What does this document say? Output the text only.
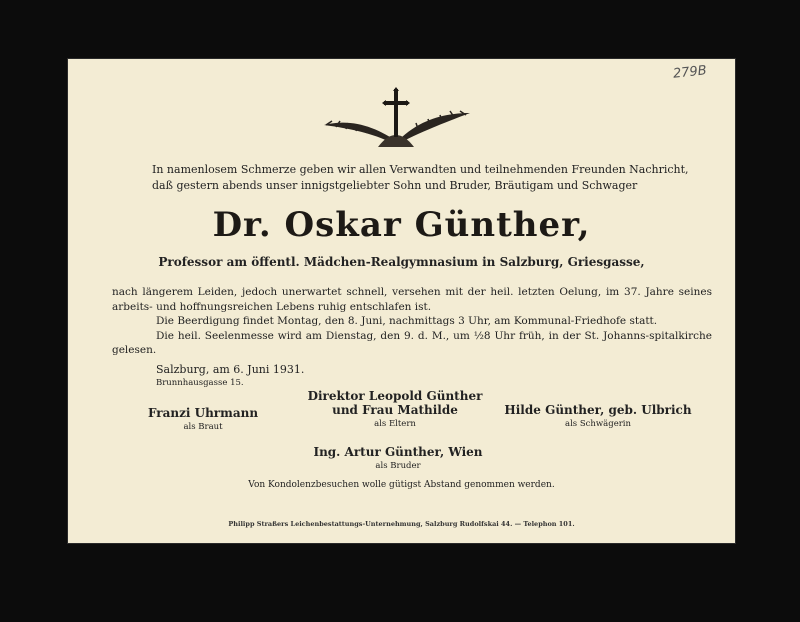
279B
In namenlosem Schmerze geben wir allen Verwandten und teilnehmenden Freunden Nachricht, daß gestern abends unser innigstgeliebter Sohn und Bruder, Bräutigam und Schwager
Dr. Oskar Günther,
Professor am öffentl. Mädchen-Realgymnasium in Salzburg, Griesgasse,

nach längerem Leiden, jedoch unerwartet schnell, versehen mit der heil. letzten Oelung, im 37. Jahre seines arbeits- und hoffnungsreichen Lebens ruhig entschlafen ist.

Die Beerdigung findet Montag, den 8. Juni, nachmittags 3 Uhr, am Kommunal-Friedhofe statt.

Die heil. Seelenmesse wird am Dienstag, den 9. d. M., um ½8 Uhr früh, in der St. Johanns-spitalkirche gelesen.

Salzburg, am 6. Juni 1931.
Brunnhausgasse 15.
Franzi Uhrmann
als Braut
Direktor Leopold Günther
und Frau Mathilde
als Eltern
Hilde Günther, geb. Ulbrich
als Schwägerin
Ing. Artur Günther, Wien
als Bruder
Von Kondolenzbesuchen wolle gütigst Abstand genommen werden.
Philipp Straßers Leichenbestattungs-Unternehmung, Salzburg Rudolfskai 44. — Telephon 101.
